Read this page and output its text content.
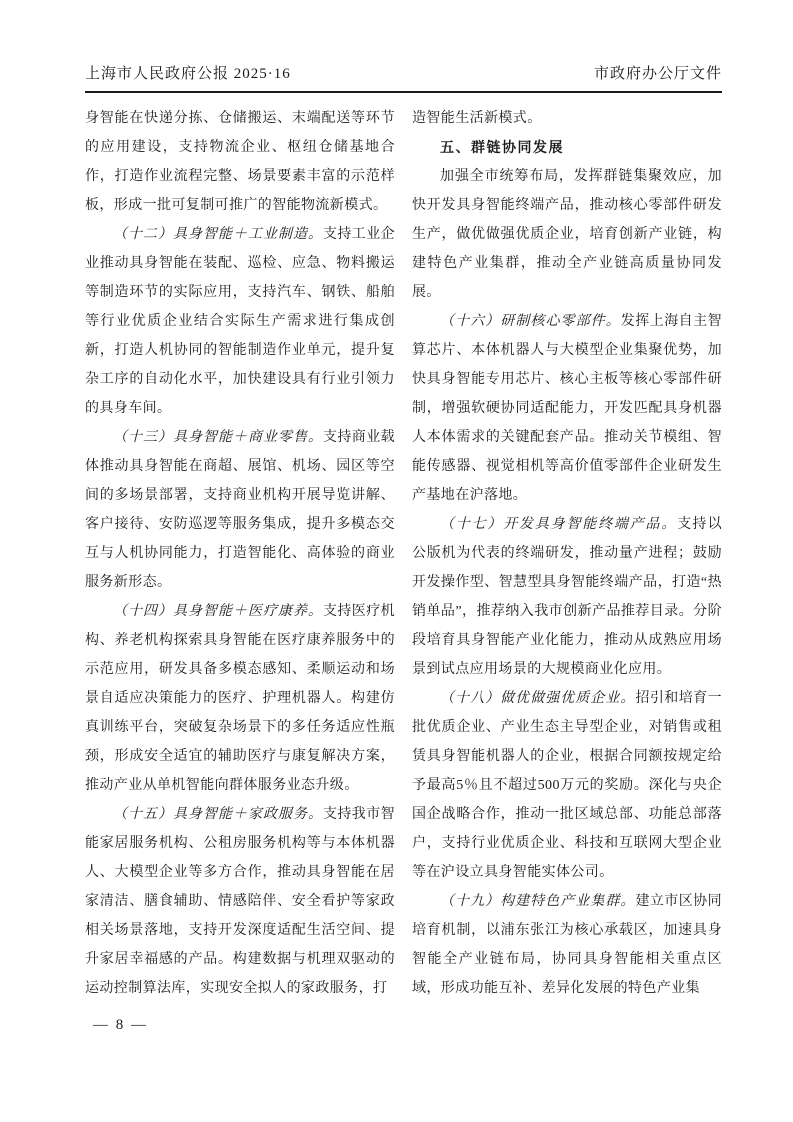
上海市人民政府公报 2025·16	市政府办公厅文件

身智能在快递分拣、仓储搬运、末端配送等环节的应用建设，支持物流企业、枢纽仓储基地合作，打造作业流程完整、场景要素丰富的示范样板，形成一批可复制可推广的智能物流新模式。

（十二）具身智能＋工业制造。支持工业企业推动具身智能在装配、巡检、应急、物料搬运等制造环节的实际应用，支持汽车、钢铁、船舶等行业优质企业结合实际生产需求进行集成创新，打造人机协同的智能制造作业单元，提升复杂工序的自动化水平，加快建设具有行业引领力的具身车间。

（十三）具身智能＋商业零售。支持商业载体推动具身智能在商超、展馆、机场、园区等空间的多场景部署，支持商业机构开展导览讲解、客户接待、安防巡逻等服务集成，提升多模态交互与人机协同能力，打造智能化、高体验的商业服务新形态。

（十四）具身智能＋医疗康养。支持医疗机构、养老机构探索具身智能在医疗康养服务中的示范应用，研发具备多模态感知、柔顺运动和场景自适应决策能力的医疗、护理机器人。构建仿真训练平台，突破复杂场景下的多任务适应性瓶颈，形成安全适宜的辅助医疗与康复解决方案，推动产业从单机智能向群体服务业态升级。

（十五）具身智能＋家政服务。支持我市智能家居服务机构、公租房服务机构等与本体机器人、大模型企业等多方合作，推动具身智能在居家清洁、膳食辅助、情感陪伴、安全看护等家政相关场景落地，支持开发深度适配生活空间、提升家居幸福感的产品。构建数据与机理双驱动的运动控制算法库，实现安全拟人的家政服务，打

造智能生活新模式。

五、群链协同发展

加强全市统筹布局，发挥群链集聚效应，加快开发具身智能终端产品，推动核心零部件研发生产，做优做强优质企业，培育创新产业链，构建特色产业集群，推动全产业链高质量协同发展。

（十六）研制核心零部件。发挥上海自主智算芯片、本体机器人与大模型企业集聚优势，加快具身智能专用芯片、核心主板等核心零部件研制，增强软硬协同适配能力，开发匹配具身机器人本体需求的关键配套产品。推动关节模组、智能传感器、视觉相机等高价值零部件企业研发生产基地在沪落地。

（十七）开发具身智能终端产品。支持以公版机为代表的终端研发，推动量产进程；鼓励开发操作型、智慧型具身智能终端产品，打造“热销单品”，推荐纳入我市创新产品推荐目录。分阶段培育具身智能产业化能力，推动从成熟应用场景到试点应用场景的大规模商业化应用。

（十八）做优做强优质企业。招引和培育一批优质企业、产业生态主导型企业，对销售或租赁具身智能机器人的企业，根据合同额按规定给予最高5％且不超过500万元的奖励。深化与央企国企战略合作，推动一批区域总部、功能总部落户，支持行业优质企业、科技和互联网大型企业等在沪设立具身智能实体公司。

（十九）构建特色产业集群。建立市区协同培育机制，以浦东张江为核心承载区，加速具身智能全产业链布局，协同具身智能相关重点区域，形成功能互补、差异化发展的特色产业集

— 8 —
